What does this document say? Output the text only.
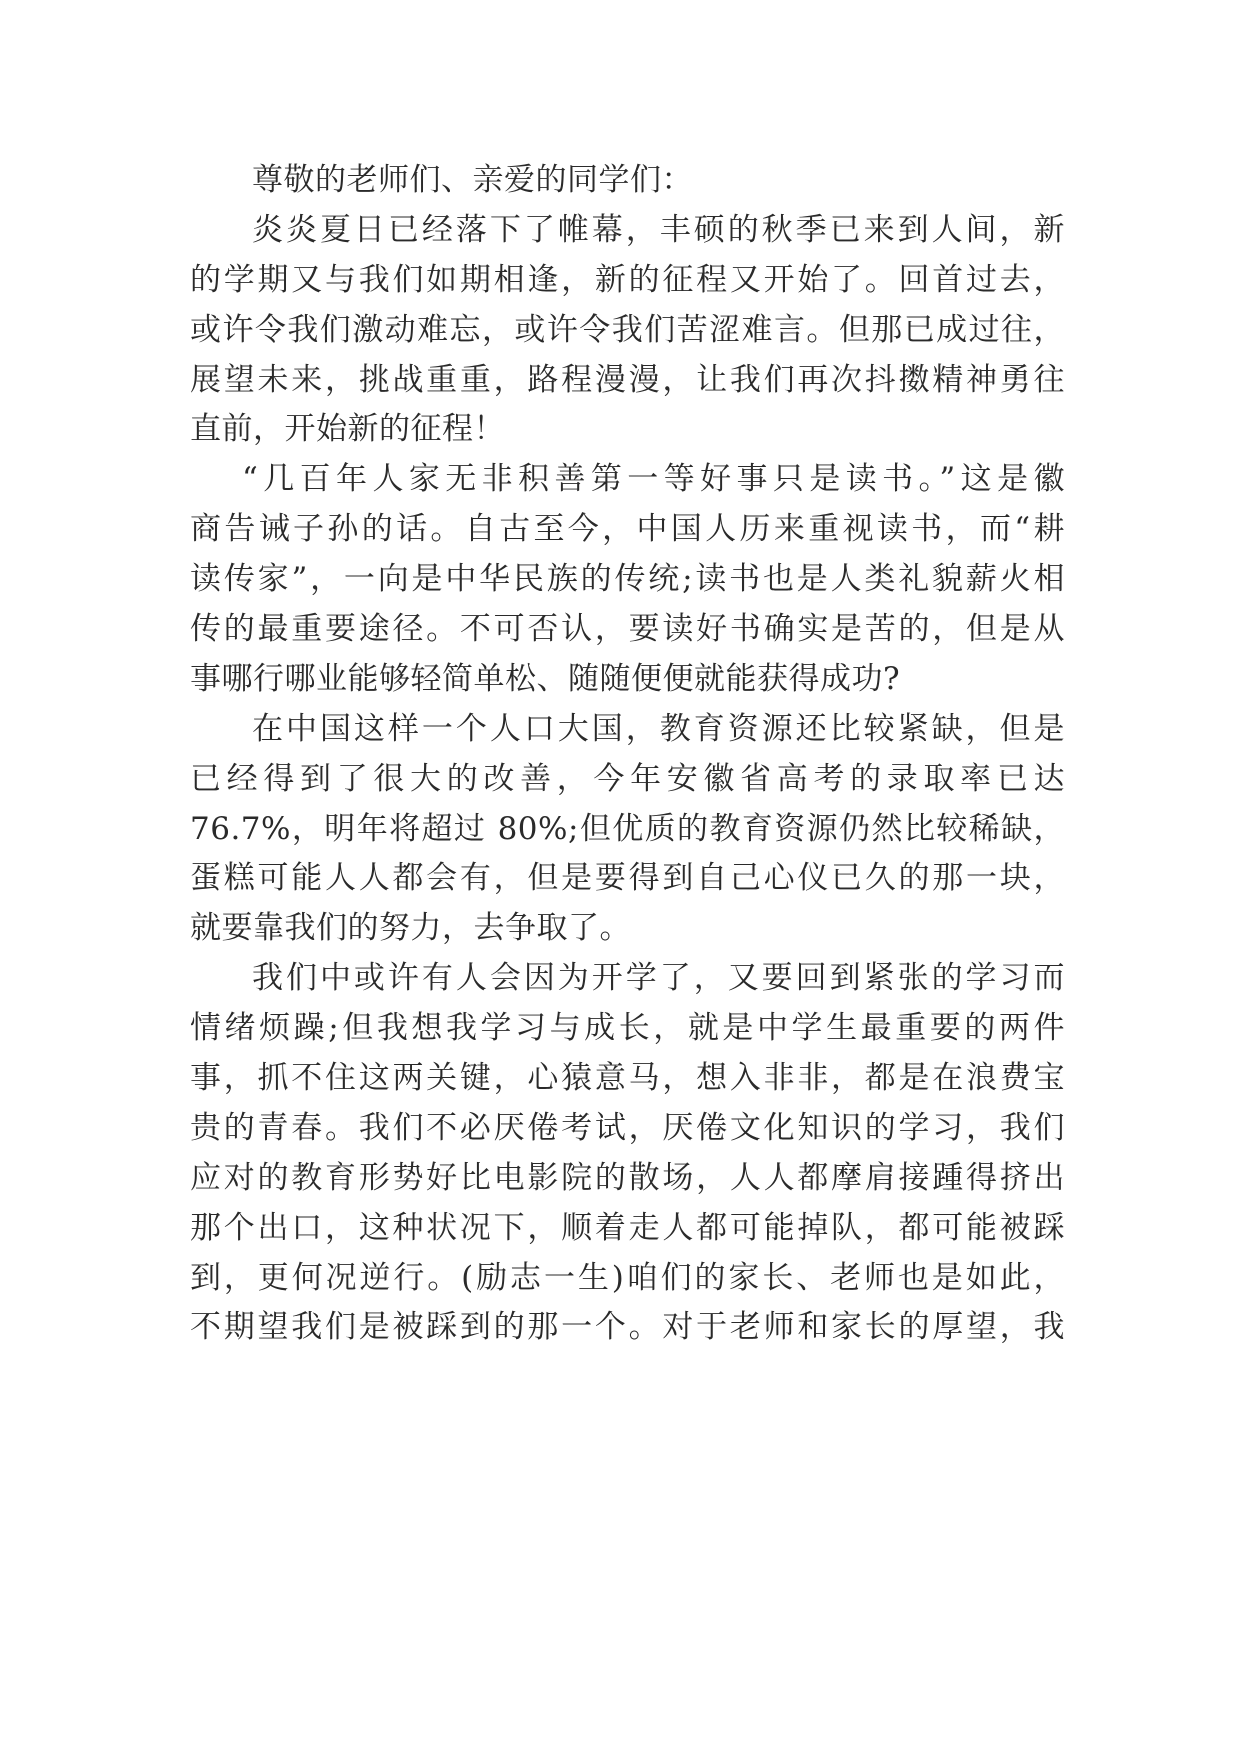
尊敬的老师们、亲爱的同学们：
炎炎夏日已经落下了帷幕，丰硕的秋季已来到人间，新
的学期又与我们如期相逢，新的征程又开始了。回首过去，
或许令我们激动难忘，或许令我们苦涩难言。但那已成过往，
展望未来，挑战重重，路程漫漫，让我们再次抖擞精神勇往
直前，开始新的征程！
“几百年人家无非积善第一等好事只是读书。”这是徽
商告诫子孙的话。自古至今，中国人历来重视读书，而“耕
读传家”，一向是中华民族的传统;读书也是人类礼貌薪火相
传的最重要途径。不可否认，要读好书确实是苦的，但是从
事哪行哪业能够轻简单松、随随便便就能获得成功?
在中国这样一个人口大国，教育资源还比较紧缺，但是
已经得到了很大的改善，今年安徽省高考的录取率已达
76.7%，明年将超过 80%;但优质的教育资源仍然比较稀缺，
蛋糕可能人人都会有，但是要得到自己心仪已久的那一块，
就要靠我们的努力，去争取了。
我们中或许有人会因为开学了，又要回到紧张的学习而
情绪烦躁;但我想我学习与成长，就是中学生最重要的两件
事，抓不住这两关键，心猿意马，想入非非，都是在浪费宝
贵的青春。我们不必厌倦考试，厌倦文化知识的学习，我们
应对的教育形势好比电影院的散场，人人都摩肩接踵得挤出
那个出口，这种状况下，顺着走人都可能掉队，都可能被踩
到，更何况逆行。(励志一生)咱们的家长、老师也是如此，
不期望我们是被踩到的那一个。对于老师和家长的厚望，我
